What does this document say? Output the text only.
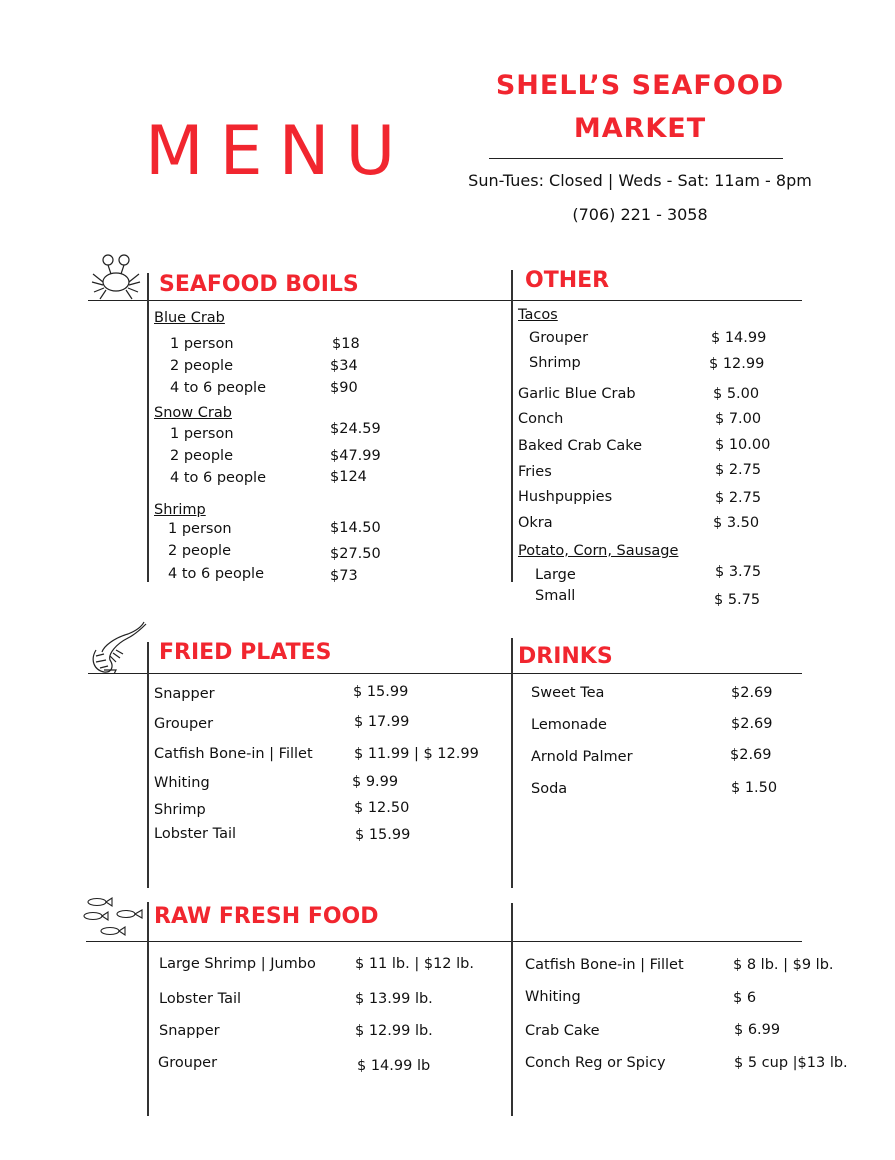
MENU
SHELL’S SEAFOOD
MARKET
Sun-Tues: Closed | Weds - Sat: 11am - 8pm
(706) 221 - 3058
SEAFOOD BOILS
Blue Crab
1 person	$18
2 people	$34
4 to 6 people	$90
Snow Crab
1 person	$24.59
2 people	$47.99
4 to 6 people	$124
Shrimp
1 person	$14.50
2 people	$27.50
4 to 6 people	$73
OTHER
Tacos
Grouper	$ 14.99
Shrimp	$ 12.99
Garlic Blue Crab	$ 5.00
Conch	$ 7.00
Baked Crab Cake	$ 10.00
Fries	$ 2.75
Hushpuppies	$ 2.75
Okra	$ 3.50
Potato, Corn, Sausage
Large	$ 3.75
Small	$ 5.75
FRIED PLATES
Snapper	$ 15.99
Grouper	$ 17.99
Catfish Bone-in | Fillet	$ 11.99 | $ 12.99
Whiting	$ 9.99
Shrimp	$ 12.50
Lobster Tail	$ 15.99
DRINKS
Sweet Tea	$2.69
Lemonade	$2.69
Arnold Palmer	$2.69
Soda	$ 1.50
RAW FRESH FOOD
Large Shrimp | Jumbo	$ 11 lb. | $12 lb.
Lobster Tail	$ 13.99 lb.
Snapper	$ 12.99 lb.
Grouper	$ 14.99 lb
Catfish Bone-in | Fillet	$ 8 lb. | $9 lb.
Whiting	$ 6
Crab Cake	$ 6.99
Conch Reg or Spicy	$ 5 cup |$13 lb.
